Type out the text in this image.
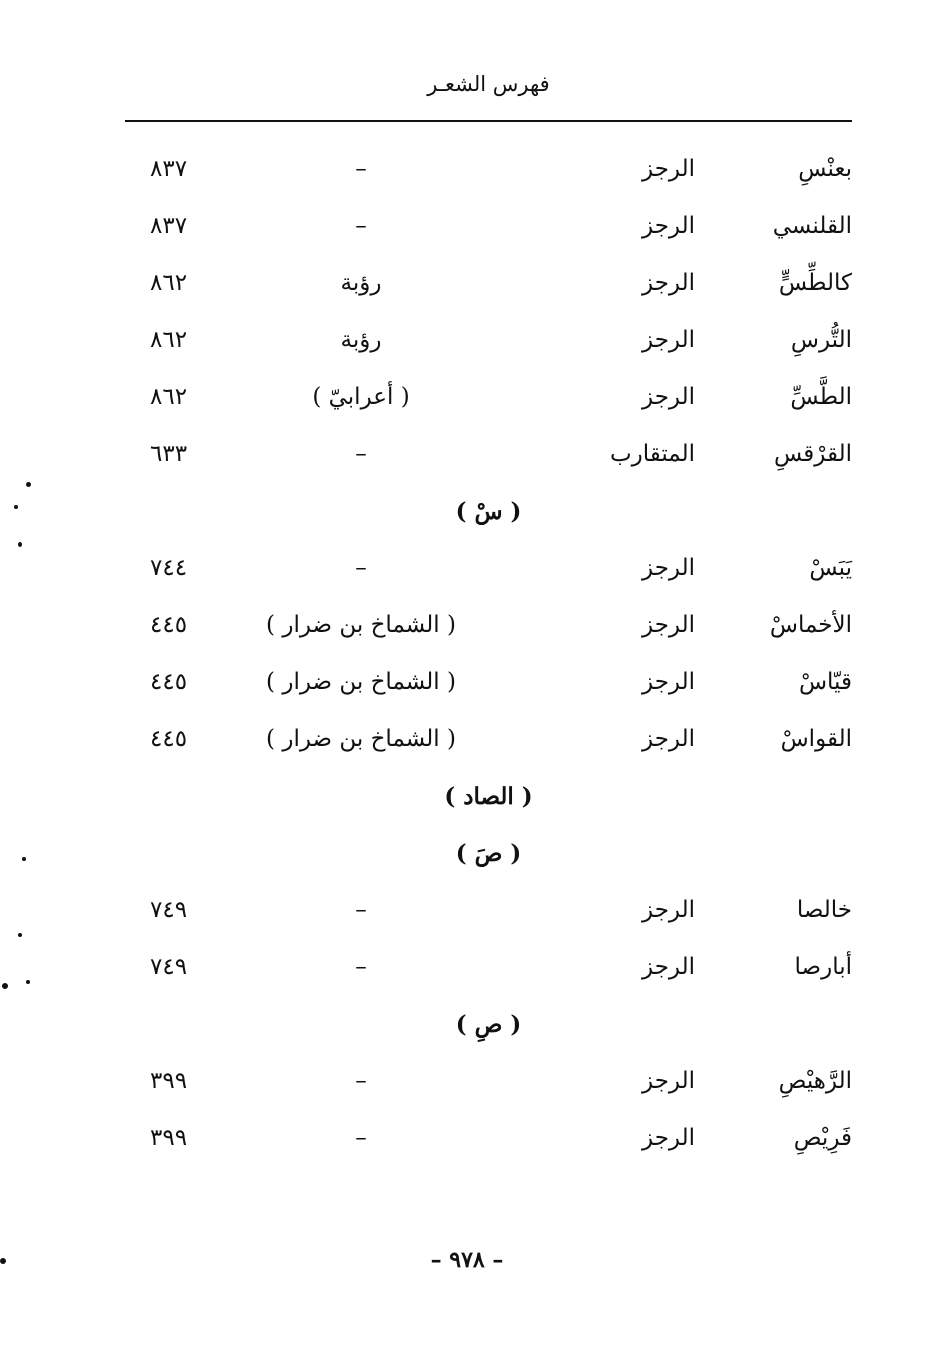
فهرس الشعـر
بعنْسِ
الرجز
–
٨٣٧
القلنسي
الرجز
–
٨٣٧
كالطِّسٍّ
الرجز
رؤبة
٨٦٢
التُّرسِ
الرجز
رؤبة
٨٦٢
الطَّسِّ
الرجز
( أعرابيّ )
٨٦٢
القرْقسِ
المتقارب
–
٦٣٣
( سْ )
يَبَسْ
الرجز
–
٧٤٤
الأخماسْ
الرجز
( الشماخ بن ضرار )
٤٤٥
قيّاسْ
الرجز
( الشماخ بن ضرار )
٤٤٥
القواسْ
الرجز
( الشماخ بن ضرار )
٤٤٥
( الصاد )
( صَ )
خالصا
الرجز
–
٧٤٩
أبارصا
الرجز
–
٧٤٩
( صِ )
الرَّهيْصِ
الرجز
–
٣٩٩
فَرِيْصِ
الرجز
–
٣٩٩
– ٩٧٨ –
